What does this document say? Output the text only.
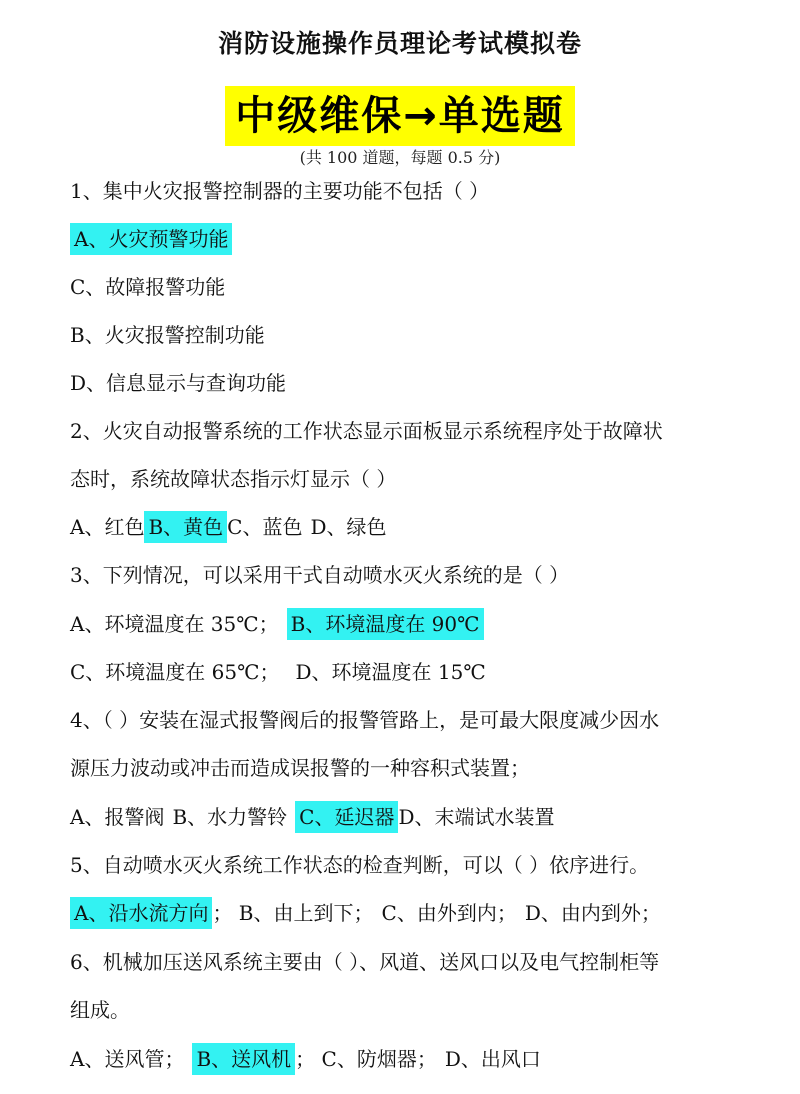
消防设施操作员理论考试模拟卷
中级维保→单选题
(共 100 道题，每题 0.5 分)
1、集中火灾报警控制器的主要功能不包括（ ）
A、火灾预警功能
C、故障报警功能
B、火灾报警控制功能
D、信息显示与查询功能
2、火灾自动报警系统的工作状态显示面板显示系统程序处于故障状
态时，系统故障状态指示灯显示（ ）
A、红色 B、黄色 C、蓝色 D、绿色
3、下列情况，可以采用干式自动喷水灭火系统的是（ ）
A、环境温度在 35℃； B、环境温度在 90℃
C、环境温度在 65℃； D、环境温度在 15℃
4、（ ）安装在湿式报警阀后的报警管路上，是可最大限度减少因水
源压力波动或冲击而造成误报警的一种容积式装置；
A、报警阀 B、水力警铃 C、延迟器 D、末端试水装置
5、自动喷水灭火系统工作状态的检查判断，可以（ ）依序进行。
A、沿水流方向 ； B、由上到下； C、由外到内； D、由内到外；
6、机械加压送风系统主要由（ ）、风道、送风口以及电气控制柜等
组成。
A、送风管； B、送风机 ； C、防烟器； D、出风口
